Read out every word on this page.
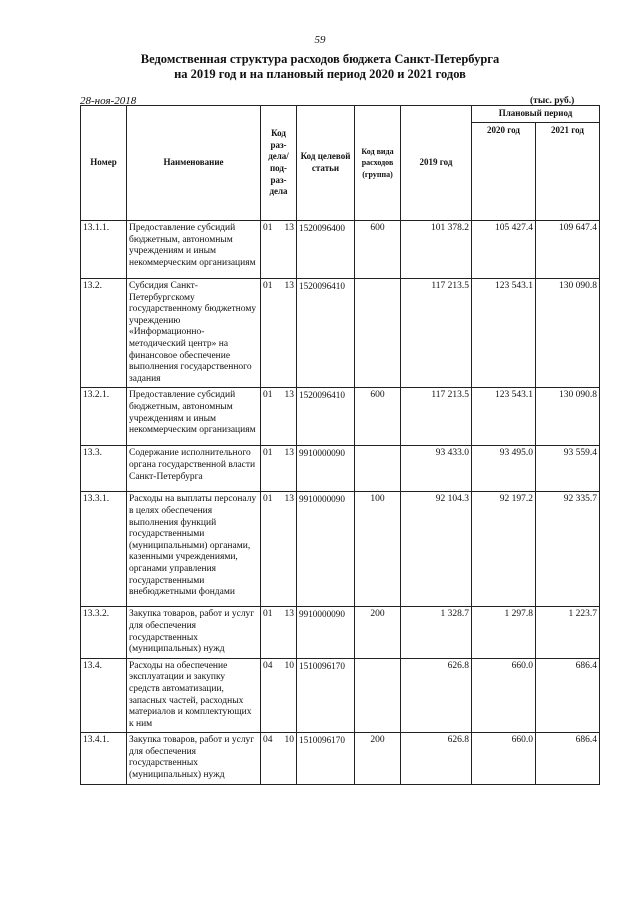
59
Ведомственная структура расходов бюджета Санкт-Петербурга
на 2019 год и на плановый период 2020 и 2021 годов
28-ноя-2018	(тыс. руб.)
Номер	Наименование	Код раз-дела/ под-раз-дела	Код целевой статьи	Код вида расходов (группа)	2019 год	Плановый период	
						2020 год	2021 год
13.1.1.	Предоставление субсидий бюджетным, автономным учреждениям и иным некоммерческим организациям	01 13	1520096400	600	101 378.2	105 427.4	109 647.4
13.2.	Субсидия Санкт-Петербургскому государственному бюджетному учреждению «Информационно-методический центр» на финансовое обеспечение выполнения государственного задания	01 13	1520096410		117 213.5	123 543.1	130 090.8
13.2.1.	Предоставление субсидий бюджетным, автономным учреждениям и иным некоммерческим организациям	01 13	1520096410	600	117 213.5	123 543.1	130 090.8
13.3.	Содержание исполнительного органа государственной власти Санкт-Петербурга	01 13	9910000090		93 433.0	93 495.0	93 559.4
13.3.1.	Расходы на выплаты персоналу в целях обеспечения выполнения функций государственными (муниципальными) органами, казенными учреждениями, органами управления государственными внебюджетными фондами	01 13	9910000090	100	92 104.3	92 197.2	92 335.7
13.3.2.	Закупка товаров, работ и услуг для обеспечения государственных (муниципальных) нужд	01 13	9910000090	200	1 328.7	1 297.8	1 223.7
13.4.	Расходы на обеспечение эксплуатации и закупку средств автоматизации, запасных частей, расходных материалов и комплектующих к ним	04 10	1510096170		626.8	660.0	686.4
13.4.1.	Закупка товаров, работ и услуг для обеспечения государственных (муниципальных) нужд	04 10	1510096170	200	626.8	660.0	686.4
